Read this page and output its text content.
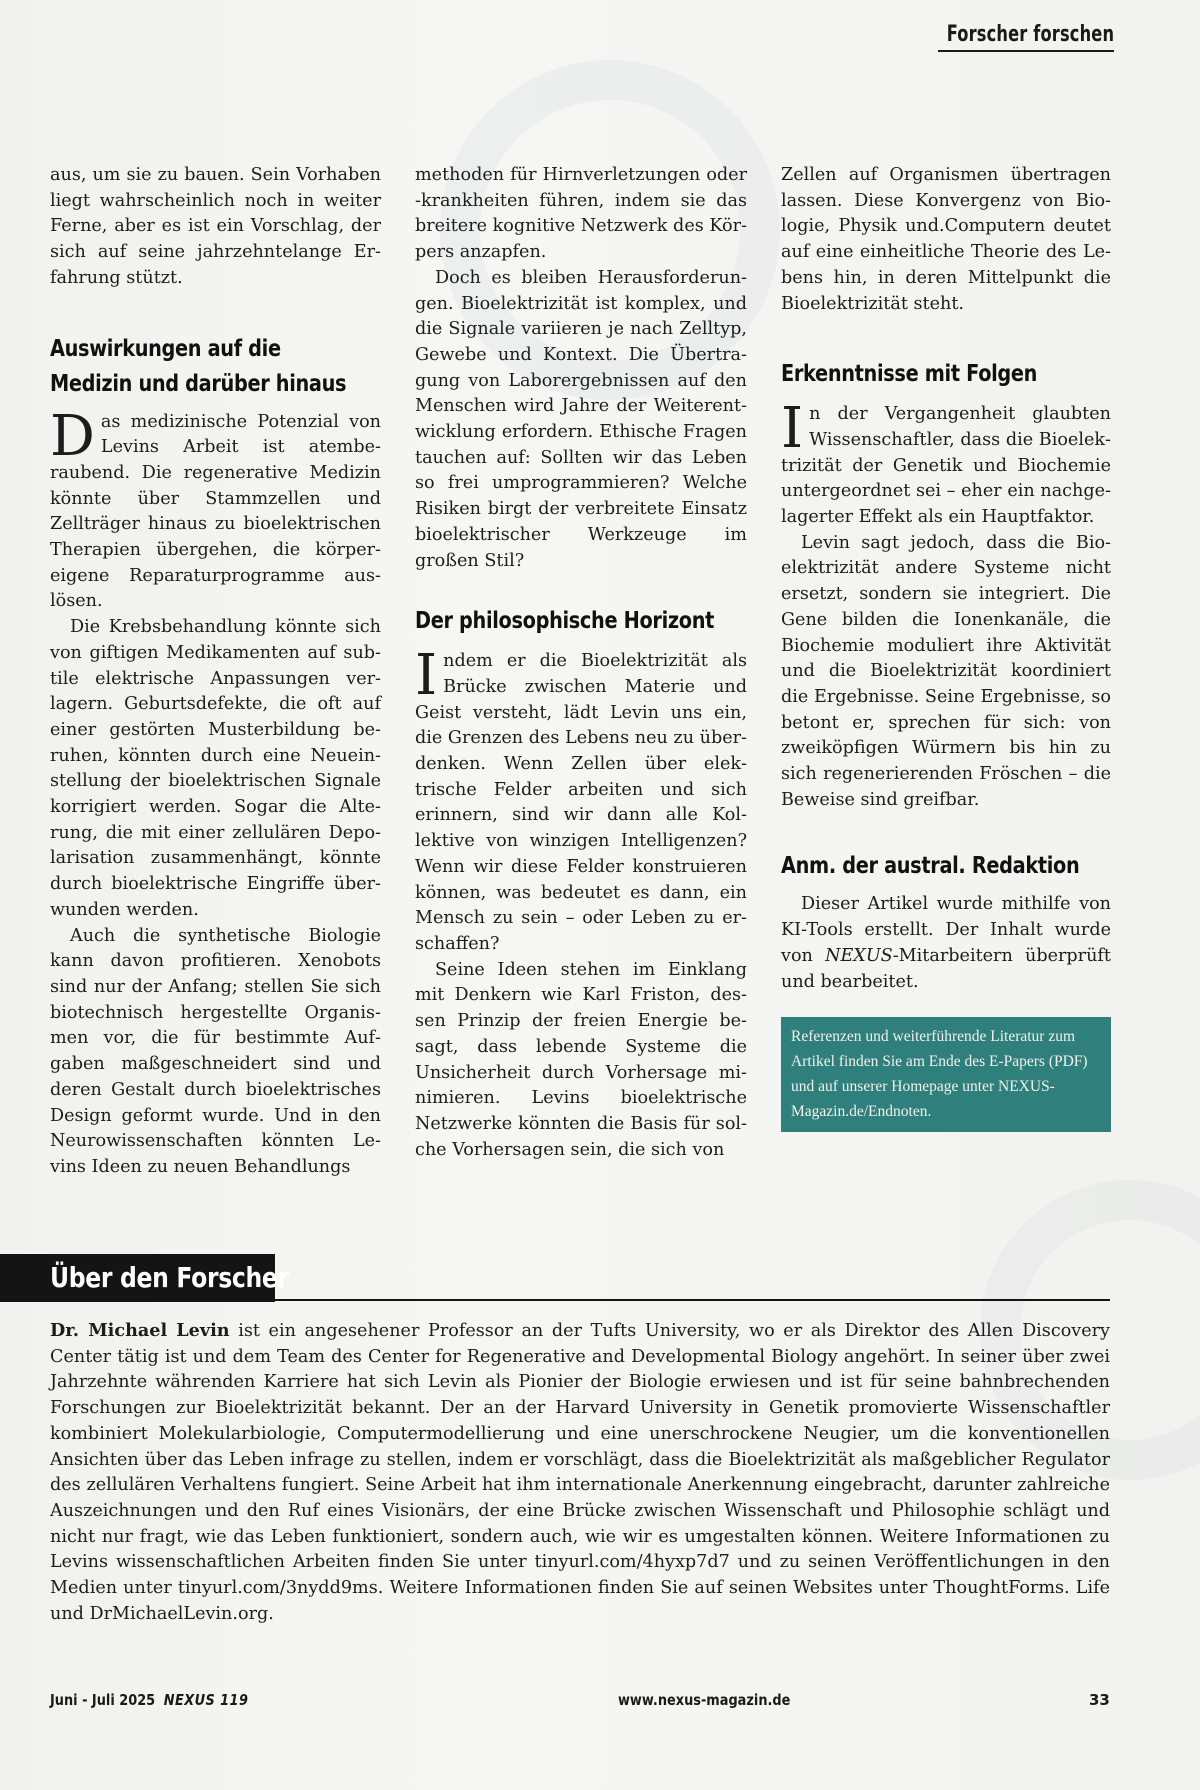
Forscher forschen

aus, um sie zu bauen. Sein Vorhaben liegt wahrscheinlich noch in weiter Ferne, aber es ist ein Vorschlag, der sich auf seine jahrzehntelange Erfahrung stützt.

Auswirkungen auf die
Medizin und darüber hinaus

Das medizinische Potenzial von Levins Arbeit ist atemberaubend. Die regenerative Medizin könnte über Stammzellen und Zellträger hinaus zu bioelektrischen Therapien übergehen, die körpereigene Reparaturprogramme auslösen.

Die Krebsbehandlung könnte sich von giftigen Medikamenten auf subtile elektrische Anpassungen verlagern. Geburtsdefekte, die oft auf einer gestörten Musterbildung beruhen, könnten durch eine Neueinstellung der bioelektrischen Signale korrigiert werden. Sogar die Alterung, die mit einer zellulären Depolarisation zusammenhängt, könnte durch bioelektrische Eingriffe überwunden werden.

Auch die synthetische Biologie kann davon profitieren. Xenobots sind nur der Anfang; stellen Sie sich biotechnisch hergestellte Organismen vor, die für bestimmte Aufgaben maßgeschneidert sind und deren Gestalt durch bioelektrisches Design geformt wurde. Und in den Neurowissenschaften könnten Levins Ideen zu neuen Behandlungs

methoden für Hirnverletzungen oder -krankheiten führen, indem sie das breitere kognitive Netzwerk des Körpers anzapfen.

Doch es bleiben Herausforderungen. Bioelektrizität ist komplex, und die Signale variieren je nach Zelltyp, Gewebe und Kontext. Die Übertragung von Laborergebnissen auf den Menschen wird Jahre der Weiterentwicklung erfordern. Ethische Fragen tauchen auf: Sollten wir das Leben so frei umprogrammieren? Welche Risiken birgt der verbreitete Einsatz bioelektrischer Werkzeuge im großen Stil?

Der philosophische Horizont

Indem er die Bioelektrizität als Brücke zwischen Materie und Geist versteht, lädt Levin uns ein, die Grenzen des Lebens neu zu überdenken. Wenn Zellen über elektrische Felder arbeiten und sich erinnern, sind wir dann alle Kollektive von winzigen Intelligenzen? Wenn wir diese Felder konstruieren können, was bedeutet es dann, ein Mensch zu sein – oder Leben zu erschaffen?

Seine Ideen stehen im Einklang mit Denkern wie Karl Friston, dessen Prinzip der freien Energie besagt, dass lebende Systeme die Unsicherheit durch Vorhersage minimieren. Levins bioelektrische Netzwerke könnten die Basis für solche Vorhersagen sein, die sich von

Zellen auf Organismen übertragen lassen. Diese Konvergenz von Biologie, Physik und.Computern deutet auf eine einheitliche Theorie des Lebens hin, in deren Mittelpunkt die Bioelektrizität steht.

Erkenntnisse mit Folgen

In der Vergangenheit glaubten Wissenschaftler, dass die Bioelektrizität der Genetik und Biochemie untergeordnet sei – eher ein nachgelagerter Effekt als ein Hauptfaktor.

Levin sagt jedoch, dass die Bioelektrizität andere Systeme nicht ersetzt, sondern sie integriert. Die Gene bilden die Ionenkanäle, die Biochemie moduliert ihre Aktivität und die Bioelektrizität koordiniert die Ergebnisse. Seine Ergebnisse, so betont er, sprechen für sich: von zweiköpfigen Würmern bis hin zu sich regenerierenden Fröschen – die Beweise sind greifbar.

Anm. der austral. Redaktion

Dieser Artikel wurde mithilfe von KI-Tools erstellt. Der Inhalt wurde von NEXUS-Mitarbeitern überprüft und bearbeitet.

Referenzen und weiterführende Literatur zum Artikel finden Sie am Ende des E-Papers (PDF) und auf unserer Homepage unter NEXUS-Magazin.de/Endnoten.
Über den Forscher
Dr. Michael Levin ist ein angesehener Professor an der Tufts University, wo er als Direktor des Allen Discovery Center tätig ist und dem Team des Center for Regenerative and Developmental Biology angehört. In seiner über zwei Jahrzehnte währenden Karriere hat sich Levin als Pionier der Biologie erwiesen und ist für seine bahnbrechenden Forschungen zur Bioelektrizität bekannt. Der an der Harvard University in Genetik promovierte Wissenschaftler kombiniert Molekularbiologie, Computermodellierung und eine unerschrockene Neugier, um die konventionellen Ansichten über das Leben infrage zu stellen, indem er vorschlägt, dass die Bioelektrizität als maßgeblicher Regulator des zellulären Verhaltens fungiert. Seine Arbeit hat ihm internationale Anerkennung eingebracht, darunter zahlreiche Auszeichnungen und den Ruf eines Visionärs, der eine Brücke zwischen Wissenschaft und Philosophie schlägt und nicht nur fragt, wie das Leben funktioniert, sondern auch, wie wir es umgestalten können. Weitere Informationen zu Levins wissenschaftlichen Arbeiten finden Sie unter tinyurl.com/4hyxp7d7 und zu seinen Veröffentlichungen in den Medien unter tinyurl.com/3nydd9ms. Weitere Informationen finden Sie auf seinen Websites unter ThoughtForms. Life und DrMichaelLevin.org.
Juni - Juli 2025 NEXUS 119	www.nexus-magazin.de	33
